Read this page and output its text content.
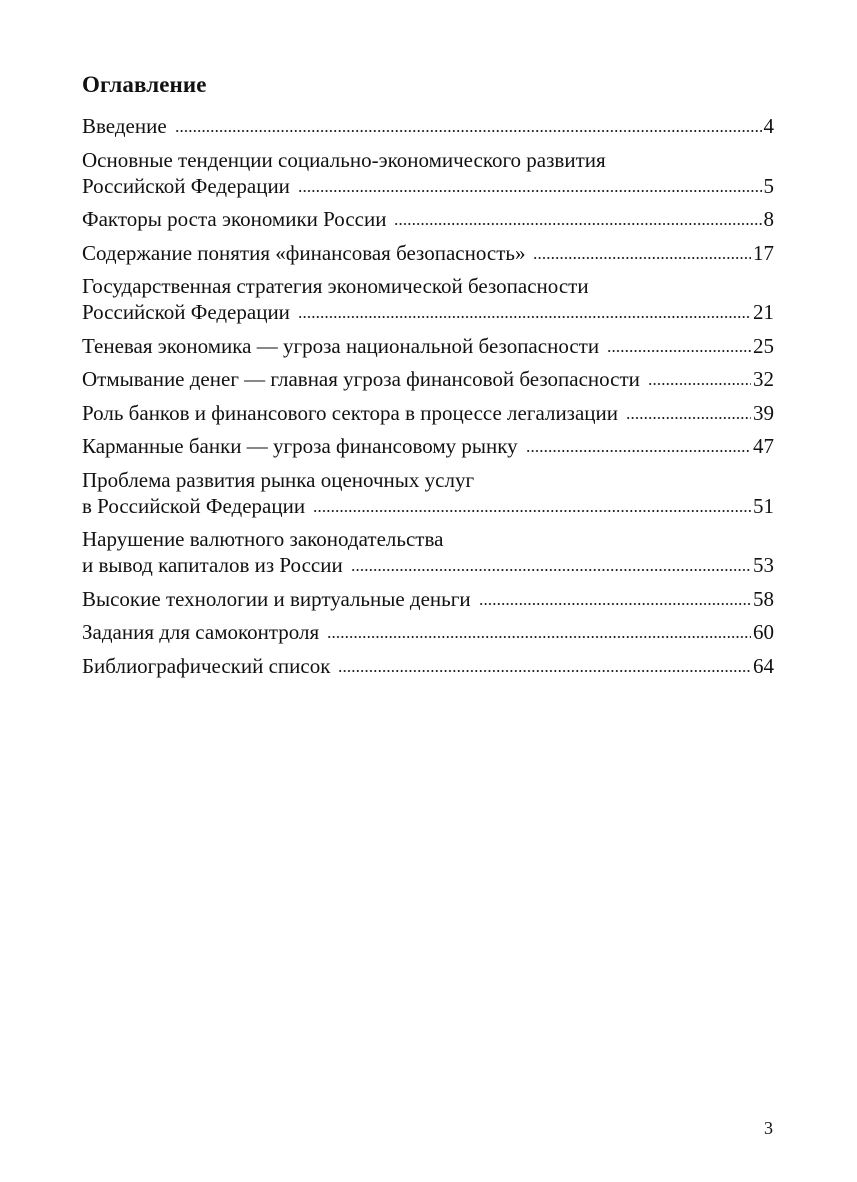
Оглавление
Введение	4
Основные тенденции социально-экономического развития
Российской Федерации	5
Факторы роста экономики России	8
Содержание понятия «финансовая безопасность»	17
Государственная стратегия экономической безопасности
Российской Федерации	21
Теневая экономика — угроза национальной безопасности	25
Отмывание денег — главная угроза финансовой безопасности	32
Роль банков и финансового сектора в процессе легализации	39
Карманные банки — угроза финансовому рынку	47
Проблема развития рынка оценочных услуг
в Российской Федерации	51
Нарушение валютного законодательства
и вывод капиталов из России	53
Высокие технологии и виртуальные деньги	58
Задания для самоконтроля	60
Библиографический список	64
3
